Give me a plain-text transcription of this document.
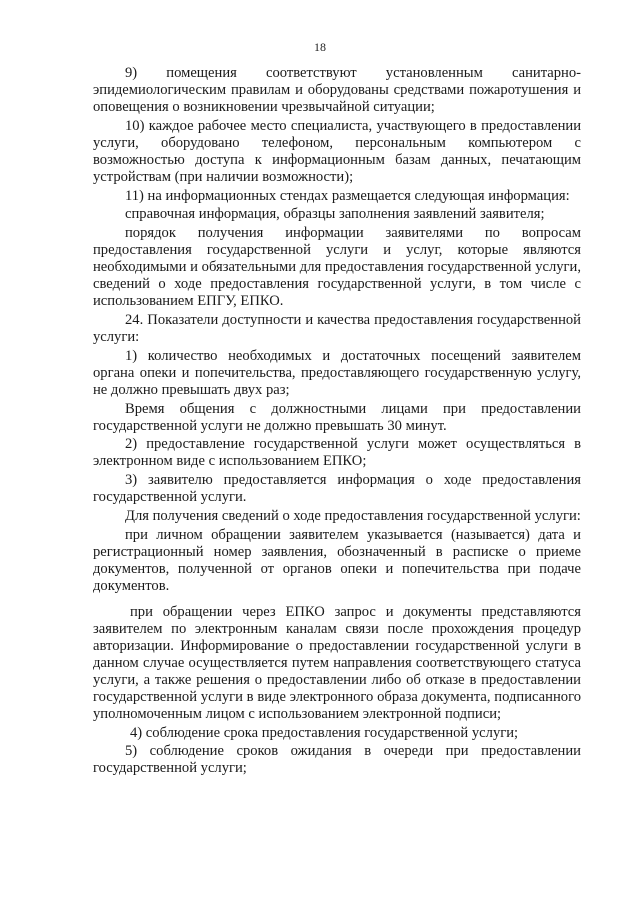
18

9) помещения соответствуют установленным санитарно-эпидемиологическим правилам и оборудованы средствами пожаротушения и оповещения о возникновении чрезвычайной ситуации;

10) каждое рабочее место специалиста, участвующего в предоставлении услуги, оборудовано телефоном, персональным компьютером с возможностью доступа к информационным базам данных, печатающим устройствам (при наличии возможности);

11) на информационных стендах размещается следующая информация:

справочная информация, образцы заполнения заявлений заявителя;

порядок получения информации заявителями по вопросам предоставления государственной услуги и услуг, которые являются необходимыми и обязательными для предоставления государственной услуги, сведений о ходе предоставления государственной услуги, в том числе с использованием ЕПГУ, ЕПКО.

24. Показатели доступности и качества предоставления государственной услуги:

1) количество необходимых и достаточных посещений заявителем органа опеки и попечительства, предоставляющего государственную услугу, не должно превышать двух раз;

Время общения с должностными лицами при предоставлении государственной услуги не должно превышать 30 минут.

2) предоставление государственной услуги может осуществляться в электронном виде с использованием ЕПКО;

3) заявителю предоставляется информация о ходе предоставления государственной услуги.

Для получения сведений о ходе предоставления государственной услуги:

при личном обращении заявителем указывается (называется) дата и регистрационный номер заявления, обозначенный в расписке о приеме документов, полученной от органов опеки и попечительства при подаче документов.

при обращении через ЕПКО запрос и документы представляются заявителем по электронным каналам связи после прохождения процедур авторизации. Информирование о предоставлении государственной услуги в данном случае осуществляется путем направления соответствующего статуса услуги, а также решения о предоставлении либо об отказе в предоставлении государственной услуги в виде электронного образа документа, подписанного уполномоченным лицом с использованием электронной подписи;

4) соблюдение срока предоставления государственной услуги;

5) соблюдение сроков ожидания в очереди при предоставлении государственной услуги;
